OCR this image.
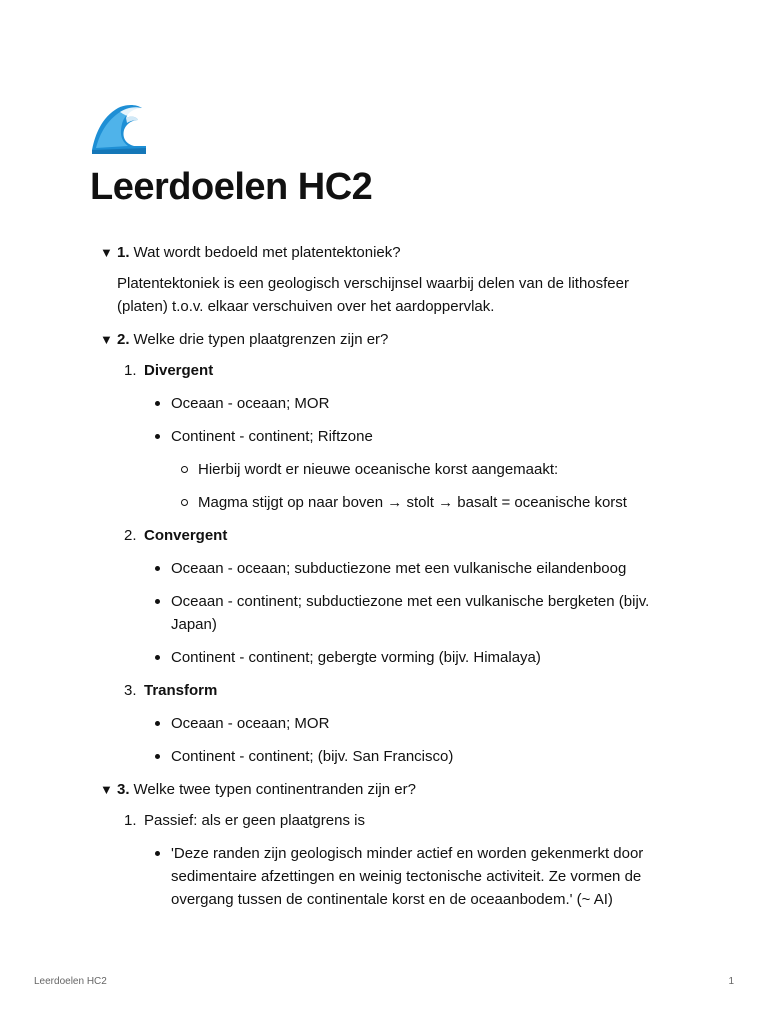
Leerdoelen HC2
▼ 1. Wat wordt bedoeld met platentektoniek?

Platentektoniek is een geologisch verschijnsel waarbij delen van de lithosfeer (platen) t.o.v. elkaar verschuiven over het aardoppervlak.

▼ 2. Welke drie typen plaatgrenzen zijn er?
1. Divergent
Oceaan - oceaan; MOR
Continent - continent; Riftzone
Hierbij wordt er nieuwe oceanische korst aangemaakt:
Magma stijgt op naar boven → stolt → basalt = oceanische korst
2. Convergent
Oceaan - oceaan; subductiezone met een vulkanische eilandenboog
Oceaan - continent; subductiezone met een vulkanische bergketen (bijv. Japan)
Continent - continent; gebergte vorming (bijv. Himalaya)
3. Transform
Oceaan - oceaan; MOR
Continent - continent; (bijv. San Francisco)
▼ 3. Welke twee typen continentranden zijn er?
1. Passief: als er geen plaatgrens is
'Deze randen zijn geologisch minder actief en worden gekenmerkt door sedimentaire afzettingen en weinig tectonische activiteit. Ze vormen de overgang tussen de continentale korst en de oceaanbodem.' (~ AI)
Leerdoelen HC2	1
